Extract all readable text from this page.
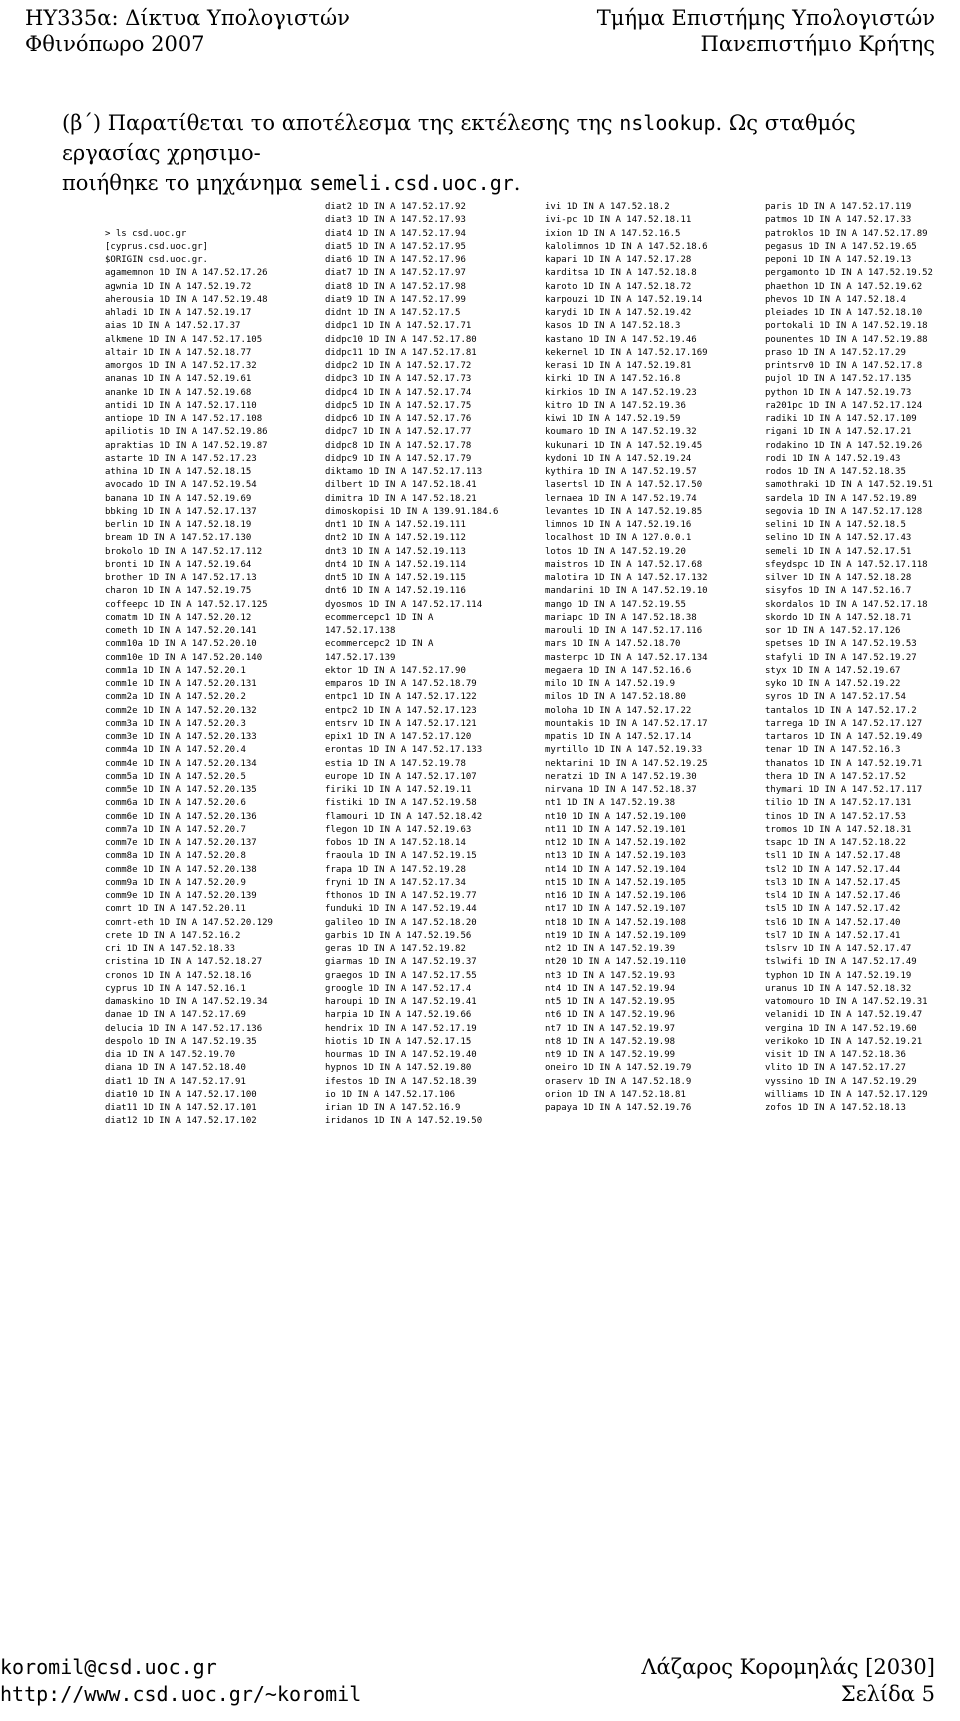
ΗΥ335α: Δίκτυα Υπολογιστών
Φθινόπωρο 2007
Τμήμα Επιστήμης Υπολογιστών
Πανεπιστήμιο Κρήτης
(β΄) Παρατίθεται το αποτέλεσμα της εκτέλεσης της nslookup. Ως σταθμός εργασίας χρησιμο-
ποιήθηκε το μηχάνημα semeli.csd.uoc.gr.
> ls csd.uoc.gr
[cyprus.csd.uoc.gr]
$ORIGIN csd.uoc.gr.
agamemnon 1D IN A 147.52.17.26
agwnia 1D IN A 147.52.19.72
aherousia 1D IN A 147.52.19.48
ahladi 1D IN A 147.52.19.17
aias 1D IN A 147.52.17.37
alkmene 1D IN A 147.52.17.105
altair 1D IN A 147.52.18.77
amorgos 1D IN A 147.52.17.32
ananas 1D IN A 147.52.19.61
ananke 1D IN A 147.52.19.68
antidi 1D IN A 147.52.17.110
antiope 1D IN A 147.52.17.108
apiliotis 1D IN A 147.52.19.86
apraktias 1D IN A 147.52.19.87
astarte 1D IN A 147.52.17.23
athina 1D IN A 147.52.18.15
avocado 1D IN A 147.52.19.54
banana 1D IN A 147.52.19.69
bbking 1D IN A 147.52.17.137
berlin 1D IN A 147.52.18.19
bream 1D IN A 147.52.17.130
brokolo 1D IN A 147.52.17.112
bronti 1D IN A 147.52.19.64
brother 1D IN A 147.52.17.13
charon 1D IN A 147.52.19.75
coffeepc 1D IN A 147.52.17.125
comatm 1D IN A 147.52.20.12
cometh 1D IN A 147.52.20.141
comm10a 1D IN A 147.52.20.10
comm10e 1D IN A 147.52.20.140
comm1a 1D IN A 147.52.20.1
comm1e 1D IN A 147.52.20.131
comm2a 1D IN A 147.52.20.2
comm2e 1D IN A 147.52.20.132
comm3a 1D IN A 147.52.20.3
comm3e 1D IN A 147.52.20.133
comm4a 1D IN A 147.52.20.4
comm4e 1D IN A 147.52.20.134
comm5a 1D IN A 147.52.20.5
comm5e 1D IN A 147.52.20.135
comm6a 1D IN A 147.52.20.6
comm6e 1D IN A 147.52.20.136
comm7a 1D IN A 147.52.20.7
comm7e 1D IN A 147.52.20.137
comm8a 1D IN A 147.52.20.8
comm8e 1D IN A 147.52.20.138
comm9a 1D IN A 147.52.20.9
comm9e 1D IN A 147.52.20.139
comrt 1D IN A 147.52.20.11
comrt-eth 1D IN A 147.52.20.129
crete 1D IN A 147.52.16.2
cri 1D IN A 147.52.18.33
cristina 1D IN A 147.52.18.27
cronos 1D IN A 147.52.18.16
cyprus 1D IN A 147.52.16.1
damaskino 1D IN A 147.52.19.34
danae 1D IN A 147.52.17.69
delucia 1D IN A 147.52.17.136
despolo 1D IN A 147.52.19.35
dia 1D IN A 147.52.19.70
diana 1D IN A 147.52.18.40
diat1 1D IN A 147.52.17.91
diat10 1D IN A 147.52.17.100
diat11 1D IN A 147.52.17.101
diat12 1D IN A 147.52.17.102
diat2 1D IN A 147.52.17.92
diat3 1D IN A 147.52.17.93
diat4 1D IN A 147.52.17.94
diat5 1D IN A 147.52.17.95
diat6 1D IN A 147.52.17.96
diat7 1D IN A 147.52.17.97
diat8 1D IN A 147.52.17.98
diat9 1D IN A 147.52.17.99
didnt 1D IN A 147.52.17.5
didpc1 1D IN A 147.52.17.71
didpc10 1D IN A 147.52.17.80
didpc11 1D IN A 147.52.17.81
didpc2 1D IN A 147.52.17.72
didpc3 1D IN A 147.52.17.73
didpc4 1D IN A 147.52.17.74
didpc5 1D IN A 147.52.17.75
didpc6 1D IN A 147.52.17.76
didpc7 1D IN A 147.52.17.77
didpc8 1D IN A 147.52.17.78
didpc9 1D IN A 147.52.17.79
diktamo 1D IN A 147.52.17.113
dilbert 1D IN A 147.52.18.41
dimitra 1D IN A 147.52.18.21
dimoskopisi 1D IN A 139.91.184.6
dnt1 1D IN A 147.52.19.111
dnt2 1D IN A 147.52.19.112
dnt3 1D IN A 147.52.19.113
dnt4 1D IN A 147.52.19.114
dnt5 1D IN A 147.52.19.115
dnt6 1D IN A 147.52.19.116
dyosmos 1D IN A 147.52.17.114
ecommercepc1 1D IN A
147.52.17.138
ecommercepc2 1D IN A
147.52.17.139
ektor 1D IN A 147.52.17.90
emparos 1D IN A 147.52.18.79
entpc1 1D IN A 147.52.17.122
entpc2 1D IN A 147.52.17.123
entsrv 1D IN A 147.52.17.121
epix1 1D IN A 147.52.17.120
erontas 1D IN A 147.52.17.133
estia 1D IN A 147.52.19.78
europe 1D IN A 147.52.17.107
firiki 1D IN A 147.52.19.11
fistiki 1D IN A 147.52.19.58
flamouri 1D IN A 147.52.18.42
flegon 1D IN A 147.52.19.63
fobos 1D IN A 147.52.18.14
fraoula 1D IN A 147.52.19.15
frapa 1D IN A 147.52.19.28
fryni 1D IN A 147.52.17.34
fthonos 1D IN A 147.52.19.77
funduki 1D IN A 147.52.19.44
galileo 1D IN A 147.52.18.20
garbis 1D IN A 147.52.19.56
geras 1D IN A 147.52.19.82
giarmas 1D IN A 147.52.19.37
graegos 1D IN A 147.52.17.55
groogle 1D IN A 147.52.17.4
haroupi 1D IN A 147.52.19.41
harpia 1D IN A 147.52.19.66
hendrix 1D IN A 147.52.17.19
hiotis 1D IN A 147.52.17.15
hourmas 1D IN A 147.52.19.40
hypnos 1D IN A 147.52.19.80
ifestos 1D IN A 147.52.18.39
io 1D IN A 147.52.17.106
irian 1D IN A 147.52.16.9
iridanos 1D IN A 147.52.19.50
ivi 1D IN A 147.52.18.2
ivi-pc 1D IN A 147.52.18.11
ixion 1D IN A 147.52.16.5
kalolimnos 1D IN A 147.52.18.6
kapari 1D IN A 147.52.17.28
karditsa 1D IN A 147.52.18.8
karoto 1D IN A 147.52.18.72
karpouzi 1D IN A 147.52.19.14
karydi 1D IN A 147.52.19.42
kasos 1D IN A 147.52.18.3
kastano 1D IN A 147.52.19.46
kekernel 1D IN A 147.52.17.169
kerasi 1D IN A 147.52.19.81
kirki 1D IN A 147.52.16.8
kirkios 1D IN A 147.52.19.23
kitro 1D IN A 147.52.19.36
kiwi 1D IN A 147.52.19.59
koumaro 1D IN A 147.52.19.32
kukunari 1D IN A 147.52.19.45
kydoni 1D IN A 147.52.19.24
kythira 1D IN A 147.52.19.57
lasertsl 1D IN A 147.52.17.50
lernaea 1D IN A 147.52.19.74
levantes 1D IN A 147.52.19.85
limnos 1D IN A 147.52.19.16
localhost 1D IN A 127.0.0.1
lotos 1D IN A 147.52.19.20
maistros 1D IN A 147.52.17.68
malotira 1D IN A 147.52.17.132
mandarini 1D IN A 147.52.19.10
mango 1D IN A 147.52.19.55
mariapc 1D IN A 147.52.18.38
marouli 1D IN A 147.52.17.116
mars 1D IN A 147.52.18.70
masterpc 1D IN A 147.52.17.134
megaera 1D IN A 147.52.16.6
milo 1D IN A 147.52.19.9
milos 1D IN A 147.52.18.80
moloha 1D IN A 147.52.17.22
mountakis 1D IN A 147.52.17.17
mpatis 1D IN A 147.52.17.14
myrtillo 1D IN A 147.52.19.33
nektarini 1D IN A 147.52.19.25
neratzi 1D IN A 147.52.19.30
nirvana 1D IN A 147.52.18.37
nt1 1D IN A 147.52.19.38
nt10 1D IN A 147.52.19.100
nt11 1D IN A 147.52.19.101
nt12 1D IN A 147.52.19.102
nt13 1D IN A 147.52.19.103
nt14 1D IN A 147.52.19.104
nt15 1D IN A 147.52.19.105
nt16 1D IN A 147.52.19.106
nt17 1D IN A 147.52.19.107
nt18 1D IN A 147.52.19.108
nt19 1D IN A 147.52.19.109
nt2 1D IN A 147.52.19.39
nt20 1D IN A 147.52.19.110
nt3 1D IN A 147.52.19.93
nt4 1D IN A 147.52.19.94
nt5 1D IN A 147.52.19.95
nt6 1D IN A 147.52.19.96
nt7 1D IN A 147.52.19.97
nt8 1D IN A 147.52.19.98
nt9 1D IN A 147.52.19.99
oneiro 1D IN A 147.52.19.79
oraserv 1D IN A 147.52.18.9
orion 1D IN A 147.52.18.81
papaya 1D IN A 147.52.19.76
paris 1D IN A 147.52.17.119
patmos 1D IN A 147.52.17.33
patroklos 1D IN A 147.52.17.89
pegasus 1D IN A 147.52.19.65
peponi 1D IN A 147.52.19.13
pergamonto 1D IN A 147.52.19.52
phaethon 1D IN A 147.52.19.62
phevos 1D IN A 147.52.18.4
pleiades 1D IN A 147.52.18.10
portokali 1D IN A 147.52.19.18
pounentes 1D IN A 147.52.19.88
praso 1D IN A 147.52.17.29
printsrv0 1D IN A 147.52.17.8
pujol 1D IN A 147.52.17.135
python 1D IN A 147.52.19.73
ra201pc 1D IN A 147.52.17.124
radiki 1D IN A 147.52.17.109
rigani 1D IN A 147.52.17.21
rodakino 1D IN A 147.52.19.26
rodi 1D IN A 147.52.19.43
rodos 1D IN A 147.52.18.35
samothraki 1D IN A 147.52.19.51
sardela 1D IN A 147.52.19.89
segovia 1D IN A 147.52.17.128
selini 1D IN A 147.52.18.5
selino 1D IN A 147.52.17.43
semeli 1D IN A 147.52.17.51
sfeydspc 1D IN A 147.52.17.118
silver 1D IN A 147.52.18.28
sisyfos 1D IN A 147.52.16.7
skordalos 1D IN A 147.52.17.18
skordo 1D IN A 147.52.18.71
sor 1D IN A 147.52.17.126
spetses 1D IN A 147.52.19.53
stafyli 1D IN A 147.52.19.27
styx 1D IN A 147.52.19.67
syko 1D IN A 147.52.19.22
syros 1D IN A 147.52.17.54
tantalos 1D IN A 147.52.17.2
tarrega 1D IN A 147.52.17.127
tartaros 1D IN A 147.52.19.49
tenar 1D IN A 147.52.16.3
thanatos 1D IN A 147.52.19.71
thera 1D IN A 147.52.17.52
thymari 1D IN A 147.52.17.117
tilio 1D IN A 147.52.17.131
tinos 1D IN A 147.52.17.53
tromos 1D IN A 147.52.18.31
tsapc 1D IN A 147.52.18.22
tsl1 1D IN A 147.52.17.48
tsl2 1D IN A 147.52.17.44
tsl3 1D IN A 147.52.17.45
tsl4 1D IN A 147.52.17.46
tsl5 1D IN A 147.52.17.42
tsl6 1D IN A 147.52.17.40
tsl7 1D IN A 147.52.17.41
tslsrv 1D IN A 147.52.17.47
tslwifi 1D IN A 147.52.17.49
typhon 1D IN A 147.52.19.19
uranus 1D IN A 147.52.18.32
vatomouro 1D IN A 147.52.19.31
velanidi 1D IN A 147.52.19.47
vergina 1D IN A 147.52.19.60
verikoko 1D IN A 147.52.19.21
visit 1D IN A 147.52.18.36
vlito 1D IN A 147.52.17.27
vyssino 1D IN A 147.52.19.29
williams 1D IN A 147.52.17.129
zofos 1D IN A 147.52.18.13
koromil@csd.uoc.gr
http://www.csd.uoc.gr/~koromil
Λάζαρος Κορομηλάς [2030]
Σελίδα 5
